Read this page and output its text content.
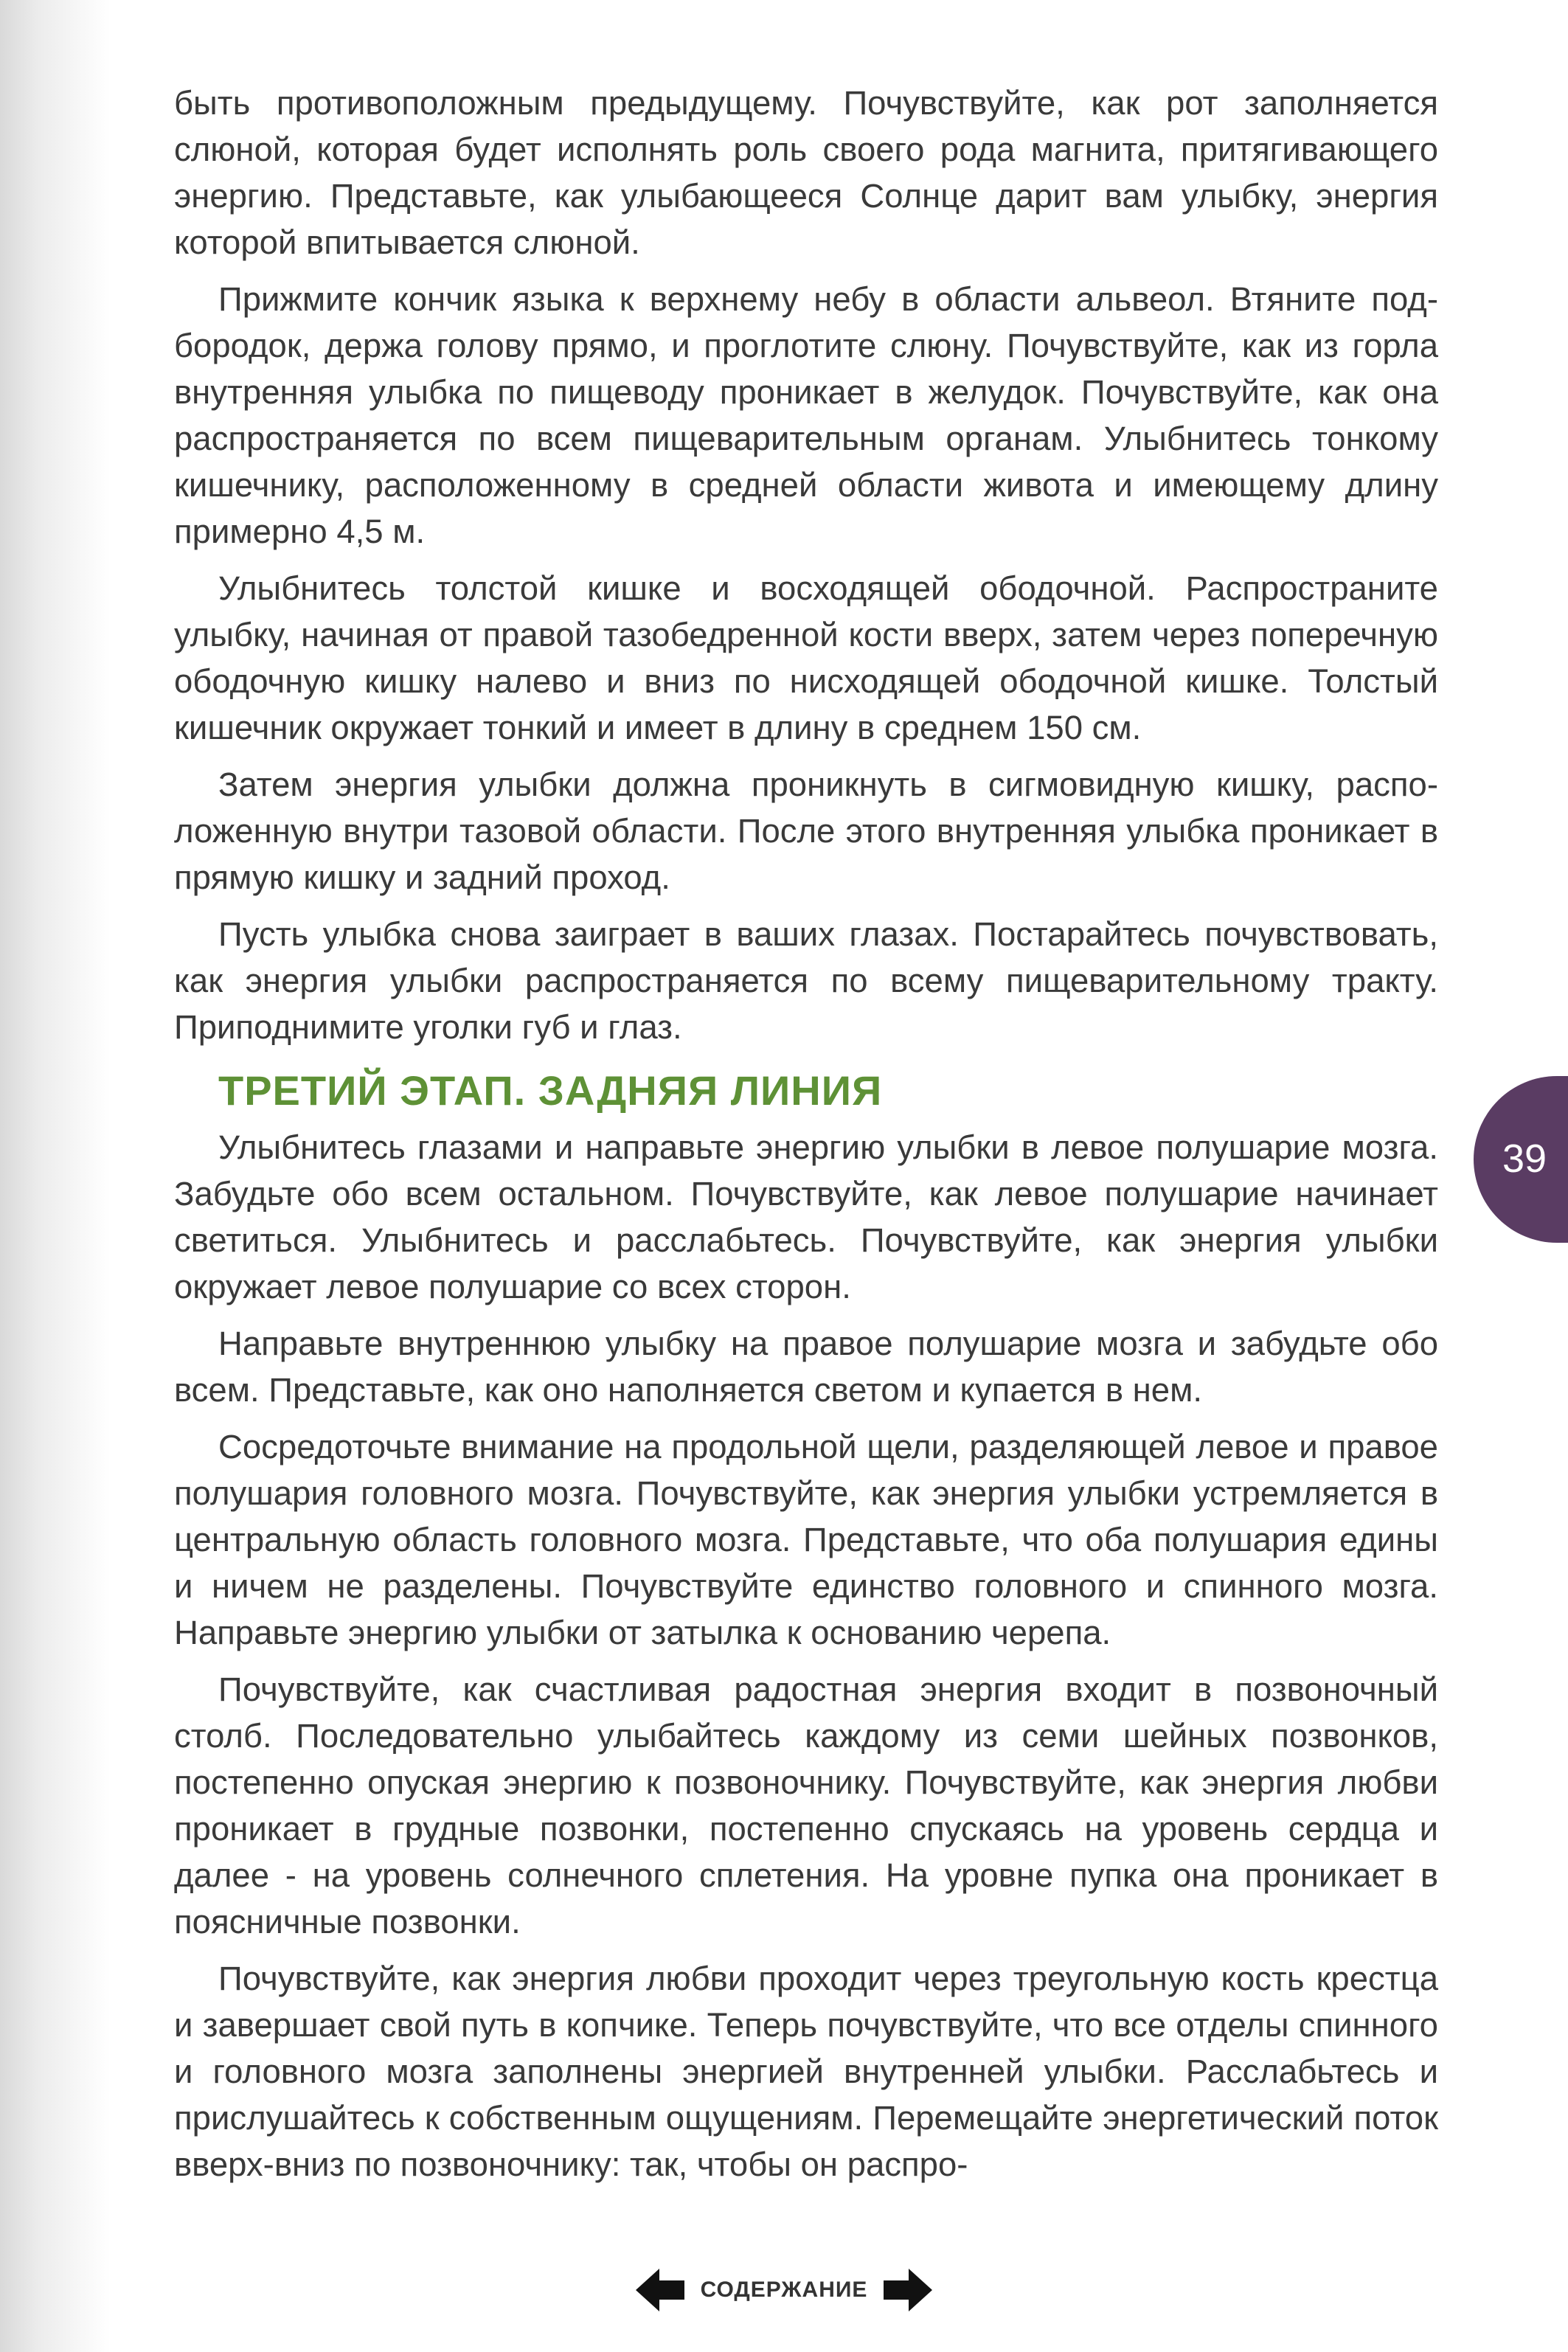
быть противоположным предыдущему. Почувствуйте, как рот заполняется слюной, которая будет исполнять роль своего рода магнита, притягивающего энергию. Представьте, как улыбающееся Солнце дарит вам улыбку, энергия которой впитывается слюной.

Прижмите кончик языка к верхнему небу в области альвеол. Втяните подбородок, держа голову прямо, и проглотите слюну. Почувствуйте, как из горла внутренняя улыбка по пищеводу проникает в желудок. Почувствуйте, как она распространяется по всем пищеварительным органам. Улыбнитесь тонкому кишечнику, расположенному в средней области живота и имеющему длину примерно 4,5 м.

Улыбнитесь толстой кишке и восходящей ободочной. Распространите улыбку, начиная от правой тазобедренной кости вверх, затем через поперечную ободочную кишку налево и вниз по нисходящей ободочной кишке. Толстый кишечник окружает тонкий и имеет в длину в среднем 150 см.

Затем энергия улыбки должна проникнуть в сигмовидную кишку, расположенную внутри тазовой области. После этого внутренняя улыбка проникает в прямую кишку и задний проход.

Пусть улыбка снова заиграет в ваших глазах. Постарайтесь почувствовать, как энергия улыбки распространяется по всему пищеварительному тракту. Приподнимите уголки губ и глаз.

ТРЕТИЙ ЭТАП. ЗАДНЯЯ ЛИНИЯ

Улыбнитесь глазами и направьте энергию улыбки в левое полушарие мозга. Забудьте обо всем остальном. Почувствуйте, как левое полушарие начинает светиться. Улыбнитесь и расслабьтесь. Почувствуйте, как энергия улыбки окружает левое полушарие со всех сторон.

Направьте внутреннюю улыбку на правое полушарие мозга и забудьте обо всем. Представьте, как оно наполняется светом и купается в нем.

Сосредоточьте внимание на продольной щели, разделяющей левое и правое полушария головного мозга. Почувствуйте, как энергия улыбки устремляется в центральную область головного мозга. Представьте, что оба полушария едины и ничем не разделены. Почувствуйте единство головного и спинного мозга. Направьте энергию улыбки от затылка к основанию черепа.

Почувствуйте, как счастливая радостная энергия входит в позвоночный столб. Последовательно улыбайтесь каждому из семи шейных позвонков, постепенно опуская энергию к позвоночнику. Почувствуйте, как энергия любви проникает в грудные позвонки, постепенно спускаясь на уровень сердца и далее - на уровень солнечного сплетения. На уровне пупка она проникает в поясничные позвонки.

Почувствуйте, как энергия любви проходит через треугольную кость крестца и завершает свой путь в копчике. Теперь почувствуйте, что все отделы спинного и головного мозга заполнены энергией внутренней улыбки. Расслабьтесь и прислушайтесь к собственным ощущениям. Перемещайте энергетический поток вверх-вниз по позвоночнику: так, чтобы он распро-

39
СОДЕРЖАНИЕ
